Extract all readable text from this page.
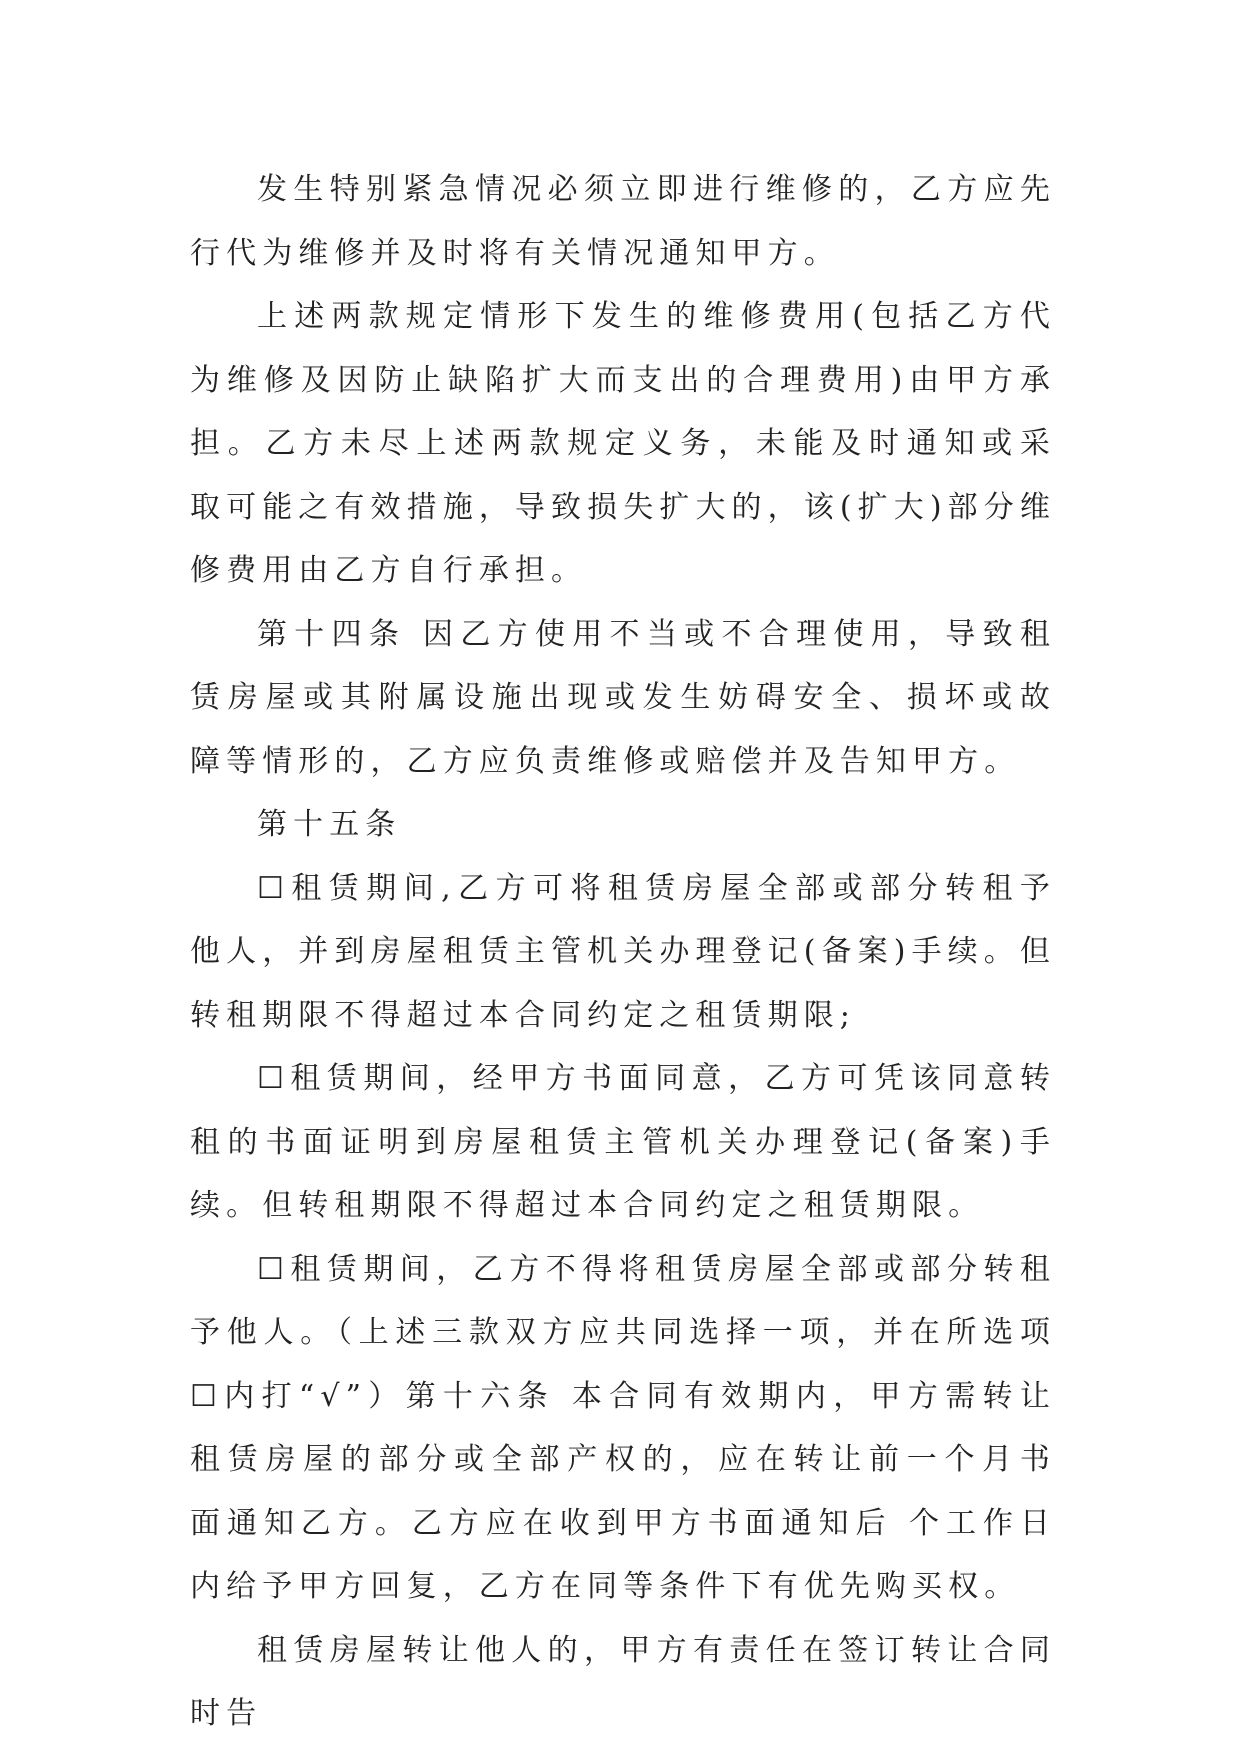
发生特别紧急情况必须立即进行维修的，乙方应先行代为维修并及时将有关情况通知甲方。

上述两款规定情形下发生的维修费用(包括乙方代为维修及因防止缺陷扩大而支出的合理费用)由甲方承担。乙方未尽上述两款规定义务，未能及时通知或采取可能之有效措施，导致损失扩大的，该(扩大)部分维修费用由乙方自行承担。

第十四条 因乙方使用不当或不合理使用，导致租赁房屋或其附属设施出现或发生妨碍安全、损坏或故障等情形的，乙方应负责维修或赔偿并及告知甲方。

第十五条

☐租赁期间,乙方可将租赁房屋全部或部分转租予他人，并到房屋租赁主管机关办理登记(备案)手续。但转租期限不得超过本合同约定之租赁期限;

☐租赁期间，经甲方书面同意，乙方可凭该同意转租的书面证明到房屋租赁主管机关办理登记(备案)手续。但转租期限不得超过本合同约定之租赁期限。

☐租赁期间，乙方不得将租赁房屋全部或部分转租予他人。（上述三款双方应共同选择一项，并在所选项☐内打“√”）第十六条 本合同有效期内，甲方需转让租赁房屋的部分或全部产权的，应在转让前一个月书面通知乙方。乙方应在收到甲方书面通知后 个工作日内给予甲方回复，乙方在同等条件下有优先购买权。

租赁房屋转让他人的，甲方有责任在签订转让合同时告
